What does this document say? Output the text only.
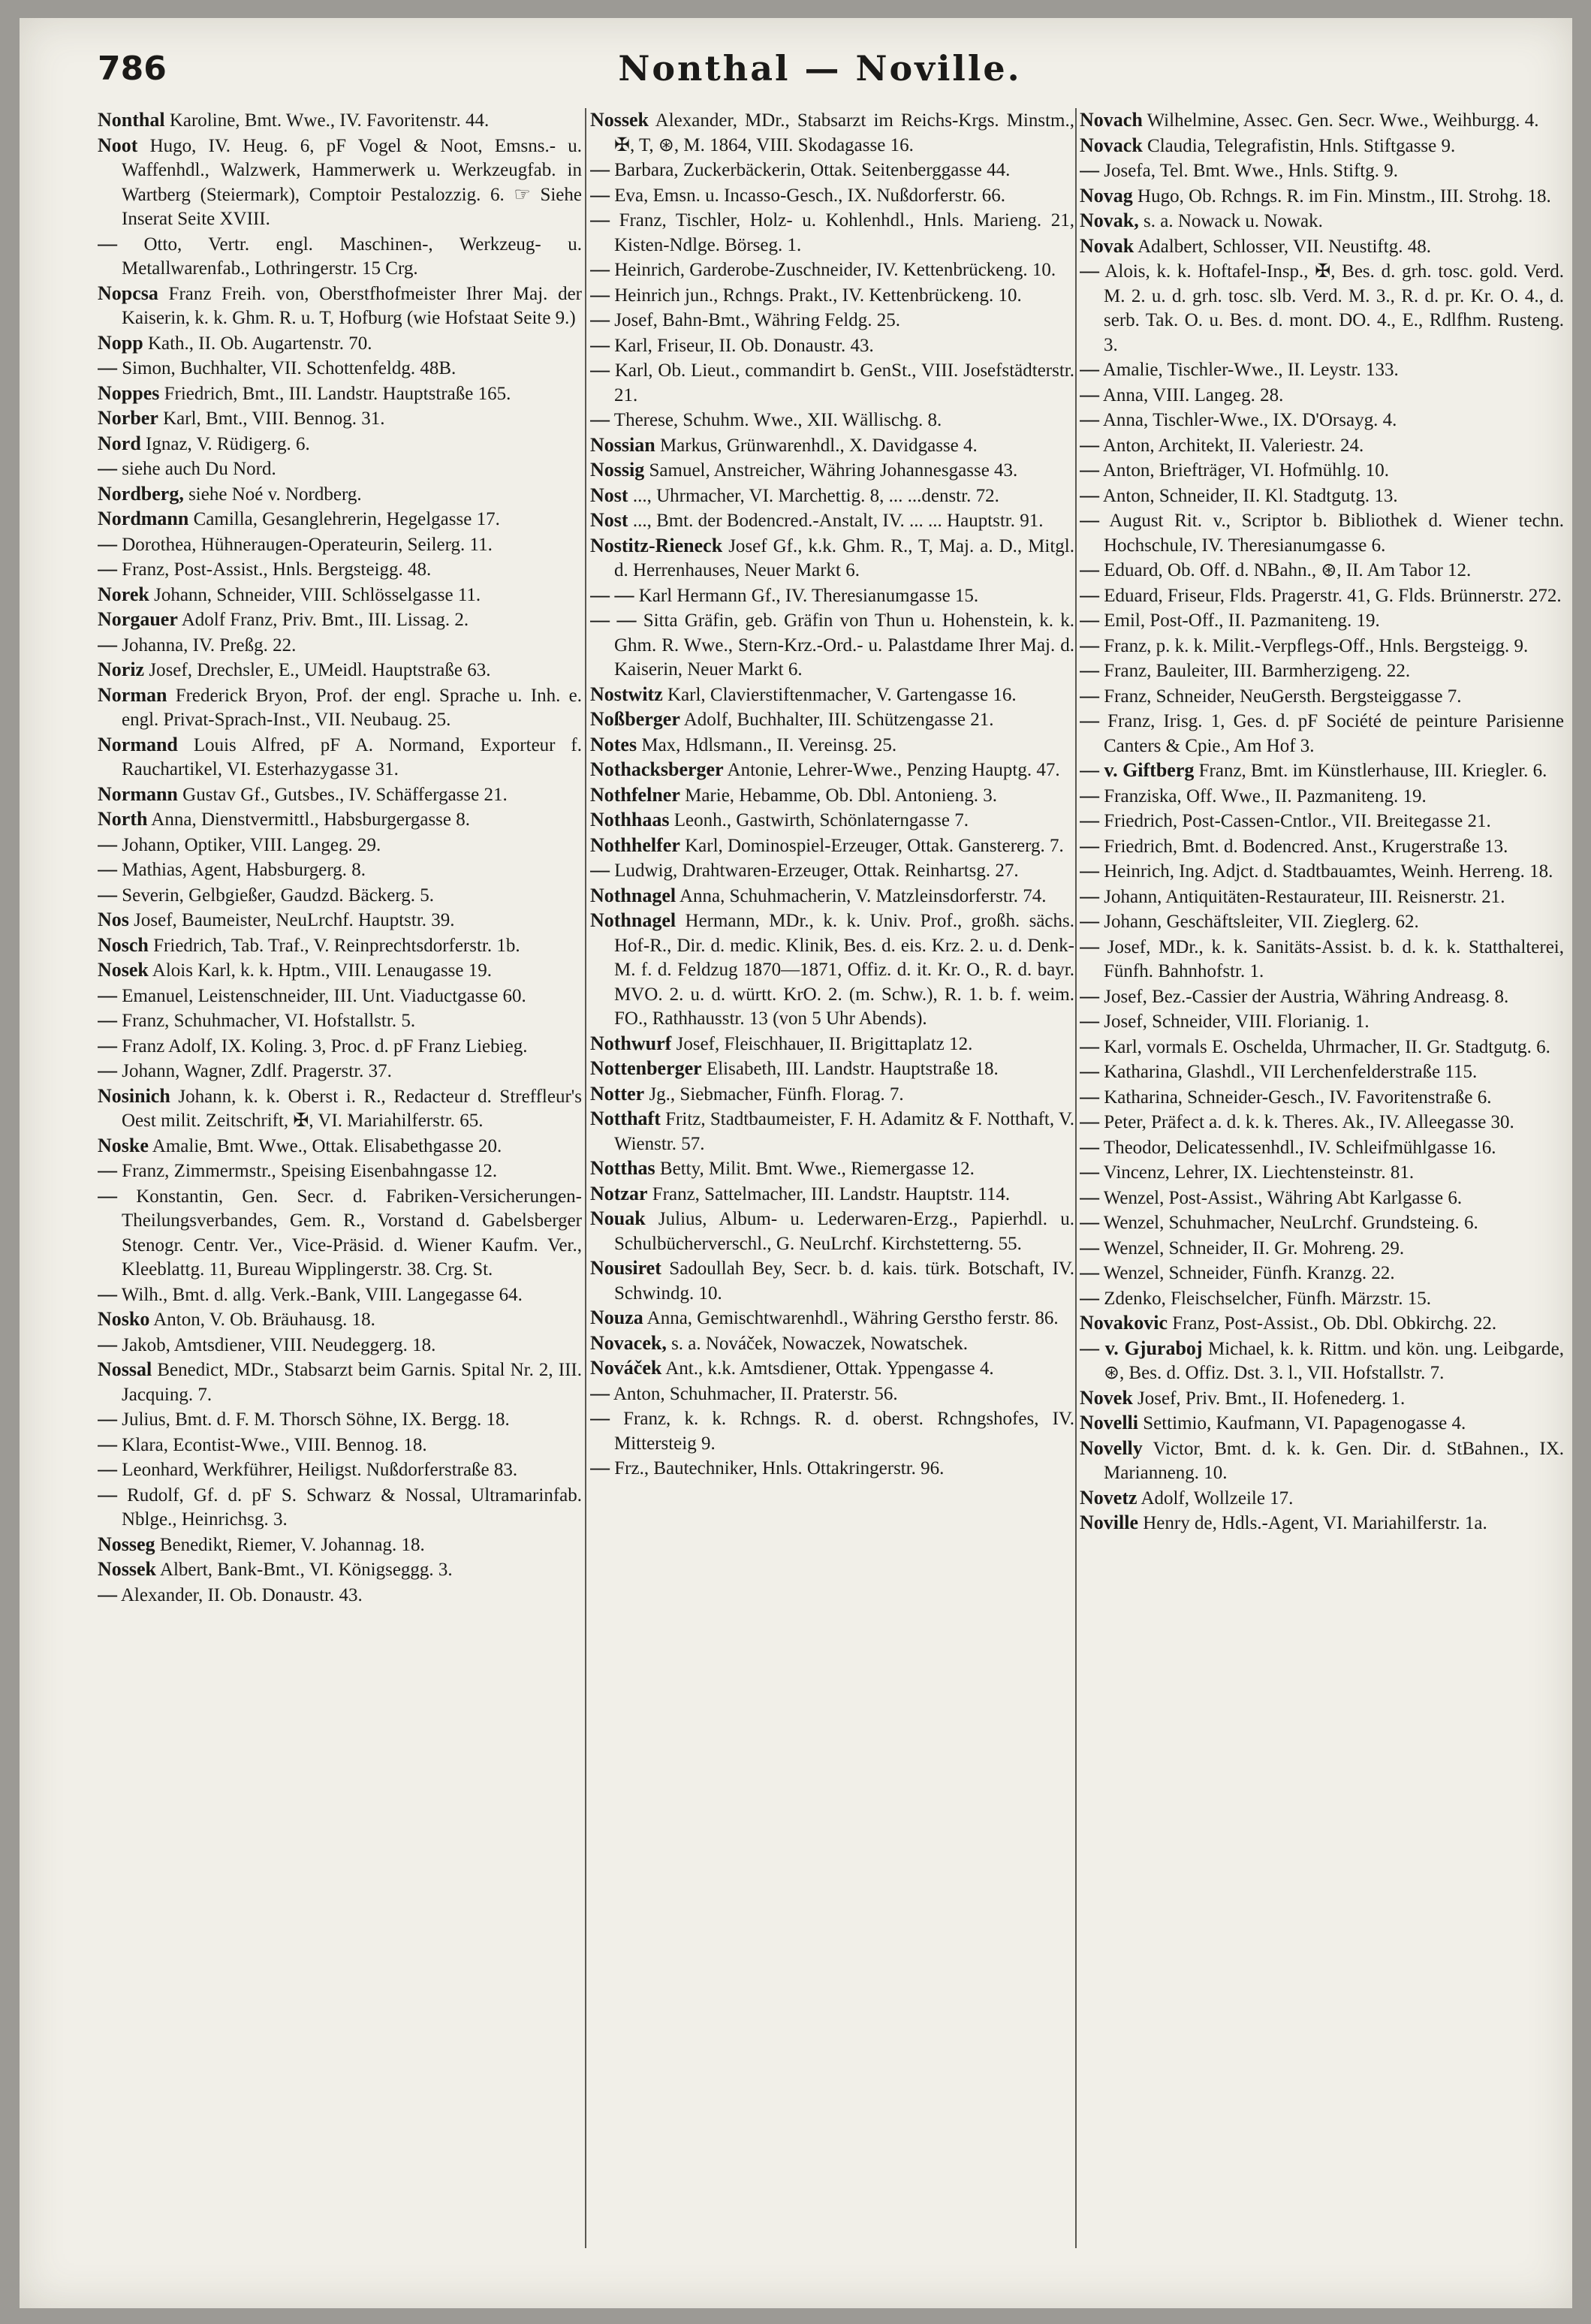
786	Nonthal — Noville.
Nonthal Karoline, Bmt. Wwe., IV. Favoritenstr. 44.
Noot Hugo, IV. Heug. 6, pF Vogel & Noot, Emsns.- u. Waffenhdl., Walzwerk, Hammerwerk u. Werkzeugfab. in Wartberg (Steiermark), Comptoir Pestalozzig. 6. ☞ Siehe Inserat Seite XVIII.
— Otto, Vertr. engl. Maschinen-, Werkzeug- u. Metallwarenfab., Lothringerstr. 15 Crg.
Nopcsa Franz Freih. von, Oberstfhofmeister Ihrer Maj. der Kaiserin, k. k. Ghm. R. u. T, Hofburg (wie Hofstaat Seite 9.)
Nopp Kath., II. Ob. Augartenstr. 70.
— Simon, Buchhalter, VII. Schottenfeldg. 48B.
Noppes Friedrich, Bmt., III. Landstr. Hauptstraße 165.
Norber Karl, Bmt., VIII. Bennog. 31.
Nord Ignaz, V. Rüdigerg. 6.
— siehe auch Du Nord.
Nordberg, siehe Noé v. Nordberg.
Nordmann Camilla, Gesanglehrerin, Hegelgasse 17.
— Dorothea, Hühneraugen-Operateurin, Seilerg. 11.
— Franz, Post-Assist., Hnls. Bergsteigg. 48.
Norek Johann, Schneider, VIII. Schlösselgasse 11.
Norgauer Adolf Franz, Priv. Bmt., III. Lissag. 2.
— Johanna, IV. Preßg. 22.
Noriz Josef, Drechsler, E., UMeidl. Hauptstraße 63.
Norman Frederick Bryon, Prof. der engl. Sprache u. Inh. e. engl. Privat-Sprach-Inst., VII. Neubaug. 25.
Normand Louis Alfred, pF A. Normand, Exporteur f. Rauchartikel, VI. Esterhazygasse 31.
Normann Gustav Gf., Gutsbes., IV. Schäffergasse 21.
North Anna, Dienstvermittl., Habsburgergasse 8.
— Johann, Optiker, VIII. Langeg. 29.
— Mathias, Agent, Habsburgerg. 8.
— Severin, Gelbgießer, Gaudzd. Bäckerg. 5.
Nos Josef, Baumeister, NeuLrchf. Hauptstr. 39.
Nosch Friedrich, Tab. Traf., V. Reinprechtsdorferstr. 1b.
Nosek Alois Karl, k. k. Hptm., VIII. Lenaugasse 19.
— Emanuel, Leistenschneider, III. Unt. Viaductgasse 60.
— Franz, Schuhmacher, VI. Hofstallstr. 5.
— Franz Adolf, IX. Koling. 3, Proc. d. pF Franz Liebieg.
— Johann, Wagner, Zdlf. Pragerstr. 37.
Nosinich Johann, k. k. Oberst i. R., Redacteur d. Streffleur's Oest milit. Zeitschrift, ✠, VI. Mariahilferstr. 65.
Noske Amalie, Bmt. Wwe., Ottak. Elisabethgasse 20.
— Franz, Zimmermstr., Speising Eisenbahngasse 12.
— Konstantin, Gen. Secr. d. Fabriken-Versicherungen-Theilungsverbandes, Gem. R., Vorstand d. Gabelsberger Stenogr. Centr. Ver., Vice-Präsid. d. Wiener Kaufm. Ver., Kleeblattg. 11, Bureau Wipplingerstr. 38. Crg. St.
— Wilh., Bmt. d. allg. Verk.-Bank, VIII. Langegasse 64.
Nosko Anton, V. Ob. Bräuhausg. 18.
— Jakob, Amtsdiener, VIII. Neudeggerg. 18.
Nossal Benedict, MDr., Stabsarzt beim Garnis. Spital Nr. 2, III. Jacquing. 7.
— Julius, Bmt. d. F. M. Thorsch Söhne, IX. Bergg. 18.
— Klara, Econtist-Wwe., VIII. Bennog. 18.
— Leonhard, Werkführer, Heiligst. Nußdorferstraße 83.
— Rudolf, Gf. d. pF S. Schwarz & Nossal, Ultramarinfab. Nblge., Heinrichsg. 3.
Nosseg Benedikt, Riemer, V. Johannag. 18.
Nossek Albert, Bank-Bmt., VI. Königseggg. 3.
— Alexander, II. Ob. Donaustr. 43.
Nossek Alexander, MDr., Stabsarzt im Reichs-Krgs. Minstm., ✠, T, ⊛, M. 1864, VIII. Skodagasse 16.
— Barbara, Zuckerbäckerin, Ottak. Seitenberggasse 44.
— Eva, Emsn. u. Incasso-Gesch., IX. Nußdorferstr. 66.
— Franz, Tischler, Holz- u. Kohlenhdl., Hnls. Marieng. 21, Kisten-Ndlge. Börseg. 1.
— Heinrich, Garderobe-Zuschneider, IV. Kettenbrückeng. 10.
— Heinrich jun., Rchngs. Prakt., IV. Kettenbrückeng. 10.
— Josef, Bahn-Bmt., Währing Feldg. 25.
— Karl, Friseur, II. Ob. Donaustr. 43.
— Karl, Ob. Lieut., commandirt b. GenSt., VIII. Josefstädterstr. 21.
— Therese, Schuhm. Wwe., XII. Wällischg. 8.
Nossian Markus, Grünwarenhdl., X. Davidgasse 4.
Nossig Samuel, Anstreicher, Währing Johannesgasse 43.
Nost ..., Uhrmacher, VI. Marchettig. 8, ... ...denstr. 72.
Nost ..., Bmt. der Bodencred.-Anstalt, IV. ... ... Hauptstr. 91.
Nostitz-Rieneck Josef Gf., k.k. Ghm. R., T, Maj. a. D., Mitgl. d. Herrenhauses, Neuer Markt 6.
— — Karl Hermann Gf., IV. Theresianumgasse 15.
— — Sitta Gräfin, geb. Gräfin von Thun u. Hohenstein, k. k. Ghm. R. Wwe., Stern-Krz.-Ord.- u. Palastdame Ihrer Maj. d. Kaiserin, Neuer Markt 6.
Nostwitz Karl, Clavierstiftenmacher, V. Gartengasse 16.
Noßberger Adolf, Buchhalter, III. Schützengasse 21.
Notes Max, Hdlsmann., II. Vereinsg. 25.
Nothacksberger Antonie, Lehrer-Wwe., Penzing Hauptg. 47.
Nothfelner Marie, Hebamme, Ob. Dbl. Antonieng. 3.
Nothhaas Leonh., Gastwirth, Schönlaterngasse 7.
Nothhelfer Karl, Dominospiel-Erzeuger, Ottak. Ganstererg. 7.
— Ludwig, Drahtwaren-Erzeuger, Ottak. Reinhartsg. 27.
Nothnagel Anna, Schuhmacherin, V. Matzleinsdorferstr. 74.
Nothnagel Hermann, MDr., k. k. Univ. Prof., großh. sächs. Hof-R., Dir. d. medic. Klinik, Bes. d. eis. Krz. 2. u. d. Denk-M. f. d. Feldzug 1870—1871, Offiz. d. it. Kr. O., R. d. bayr. MVO. 2. u. d. württ. KrO. 2. (m. Schw.), R. 1. b. f. weim. FO., Rathhausstr. 13 (von 5 Uhr Abends).
Nothwurf Josef, Fleischhauer, II. Brigittaplatz 12.
Nottenberger Elisabeth, III. Landstr. Hauptstraße 18.
Notter Jg., Siebmacher, Fünfh. Florag. 7.
Notthaft Fritz, Stadtbaumeister, F. H. Adamitz & F. Notthaft, V. Wienstr. 57.
Notthas Betty, Milit. Bmt. Wwe., Riemergasse 12.
Notzar Franz, Sattelmacher, III. Landstr. Hauptstr. 114.
Nouak Julius, Album- u. Lederwaren-Erzg., Papierhdl. u. Schulbücherverschl., G. NeuLrchf. Kirchstetterng. 55.
Nousiret Sadoullah Bey, Secr. b. d. kais. türk. Botschaft, IV. Schwindg. 10.
Nouza Anna, Gemischtwarenhdl., Währing Gerstho ferstr. 86.
Novacek, s. a. Nováček, Nowaczek, Nowatschek.
Nováček Ant., k.k. Amtsdiener, Ottak. Yppengasse 4.
— Anton, Schuhmacher, II. Praterstr. 56.
— Franz, k. k. Rchngs. R. d. oberst. Rchngshofes, IV. Mittersteig 9.
— Frz., Bautechniker, Hnls. Ottakringerstr. 96.
Novach Wilhelmine, Assec. Gen. Secr. Wwe., Weihburgg. 4.
Novack Claudia, Telegrafistin, Hnls. Stiftgasse 9.
— Josefa, Tel. Bmt. Wwe., Hnls. Stiftg. 9.
Novag Hugo, Ob. Rchngs. R. im Fin. Minstm., III. Strohg. 18.
Novak, s. a. Nowack u. Nowak.
Novak Adalbert, Schlosser, VII. Neustiftg. 48.
— Alois, k. k. Hoftafel-Insp., ✠, Bes. d. grh. tosc. gold. Verd. M. 2. u. d. grh. tosc. slb. Verd. M. 3., R. d. pr. Kr. O. 4., d. serb. Tak. O. u. Bes. d. mont. DO. 4., E., Rdlfhm. Rusteng. 3.
— Amalie, Tischler-Wwe., II. Leystr. 133.
— Anna, VIII. Langeg. 28.
— Anna, Tischler-Wwe., IX. D'Orsayg. 4.
— Anton, Architekt, II. Valeriestr. 24.
— Anton, Briefträger, VI. Hofmühlg. 10.
— Anton, Schneider, II. Kl. Stadtgutg. 13.
— August Rit. v., Scriptor b. Bibliothek d. Wiener techn. Hochschule, IV. Theresianumgasse 6.
— Eduard, Ob. Off. d. NBahn., ⊛, II. Am Tabor 12.
— Eduard, Friseur, Flds. Pragerstr. 41, G. Flds. Brünnerstr. 272.
— Emil, Post-Off., II. Pazmaniteng. 19.
— Franz, p. k. k. Milit.-Verpflegs-Off., Hnls. Bergsteigg. 9.
— Franz, Bauleiter, III. Barmherzigeng. 22.
— Franz, Schneider, NeuGersth. Bergsteiggasse 7.
— Franz, Irisg. 1, Ges. d. pF Société de peinture Parisienne Canters & Cpie., Am Hof 3.
— v. Giftberg Franz, Bmt. im Künstlerhause, III. Kriegler. 6.
— Franziska, Off. Wwe., II. Pazmaniteng. 19.
— Friedrich, Post-Cassen-Cntlor., VII. Breitegasse 21.
— Friedrich, Bmt. d. Bodencred. Anst., Krugerstraße 13.
— Heinrich, Ing. Adjct. d. Stadtbauamtes, Weinh. Herreng. 18.
— Johann, Antiquitäten-Restaurateur, III. Reisnerstr. 21.
— Johann, Geschäftsleiter, VII. Zieglerg. 62.
— Josef, MDr., k. k. Sanitäts-Assist. b. d. k. k. Statthalterei, Fünfh. Bahnhofstr. 1.
— Josef, Bez.-Cassier der Austria, Währing Andreasg. 8.
— Josef, Schneider, VIII. Florianig. 1.
— Karl, vormals E. Oschelda, Uhrmacher, II. Gr. Stadtgutg. 6.
— Katharina, Glashdl., VII Lerchenfelderstraße 115.
— Katharina, Schneider-Gesch., IV. Favoritenstraße 6.
— Peter, Präfect a. d. k. k. Theres. Ak., IV. Alleegasse 30.
— Theodor, Delicatessenhdl., IV. Schleifmühlgasse 16.
— Vincenz, Lehrer, IX. Liechtensteinstr. 81.
— Wenzel, Post-Assist., Währing Abt Karlgasse 6.
— Wenzel, Schuhmacher, NeuLrchf. Grundsteing. 6.
— Wenzel, Schneider, II. Gr. Mohreng. 29.
— Wenzel, Schneider, Fünfh. Kranzg. 22.
— Zdenko, Fleischselcher, Fünfh. Märzstr. 15.
Novakovic Franz, Post-Assist., Ob. Dbl. Obkirchg. 22.
— v. Gjuraboj Michael, k. k. Rittm. und kön. ung. Leibgarde, ⊛, Bes. d. Offiz. Dst. 3. l., VII. Hofstallstr. 7.
Novek Josef, Priv. Bmt., II. Hofenederg. 1.
Novelli Settimio, Kaufmann, VI. Papagenogasse 4.
Novelly Victor, Bmt. d. k. k. Gen. Dir. d. StBahnen., IX. Marianneng. 10.
Novetz Adolf, Wollzeile 17.
Noville Henry de, Hdls.-Agent, VI. Mariahilferstr. 1a.
